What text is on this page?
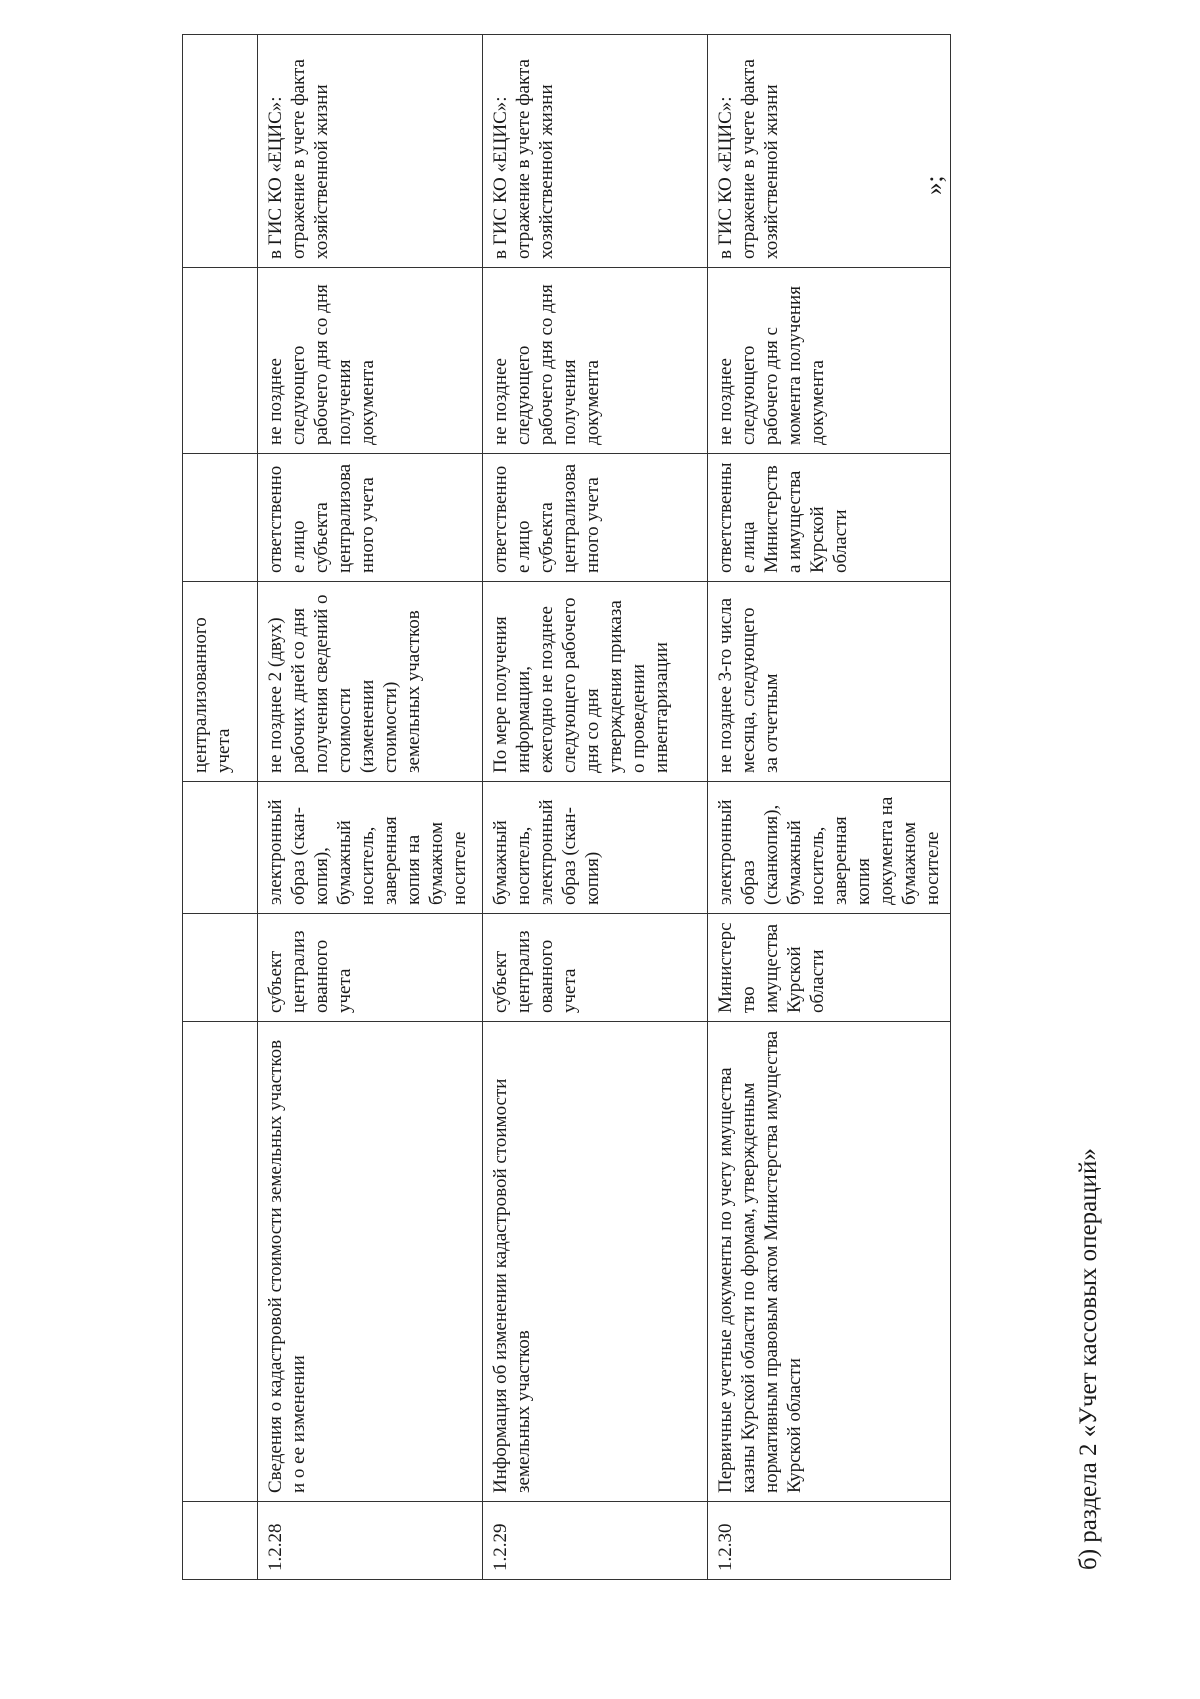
				централизованного учета			
1.2.28	Сведения о кадастровой стоимости земельных участков и о ее изменении	субъект централизованного учета	электронный образ (скан-копия), бумажный носитель, заверенная копия на бумажном носителе	не позднее 2 (двух) рабочих дней со дня получения сведений о стоимости (изменении стоимости) земельных участков	ответственное лицо субъекта централизованного учета	не позднее следующего рабочего дня со дня получения документа	в ГИС КО «ЕЦИС»: отражение в учете факта хозяйственной жизни
1.2.29	Информация об изменении кадастровой стоимости земельных участков	субъект централизованного учета	бумажный носитель, электронный образ (скан-копия)	По мере получения информации, ежегодно не позднее следующего рабочего дня со дня утверждения приказа о проведении инвентаризации	ответственное лицо субъекта централизованного учета	не позднее следующего рабочего дня со дня получения документа	в ГИС КО «ЕЦИС»: отражение в учете факта хозяйственной жизни
1.2.30	Первичные учетные документы по учету имущества казны Курской области по формам, утвержденным нормативным правовым актом Министерства имущества Курской области	Министерство имущества Курской области	электронный образ (сканкопия), бумажный носитель, заверенная копия документа на бумажном носителе	не позднее 3-го числа месяца, следующего за отчетным	ответственные лица Министерства имущества Курской области	не позднее следующего рабочего дня с момента получения документа	в ГИС КО «ЕЦИС»: отражение в учете факта хозяйственной жизни	»;
б) раздела 2 «Учет кассовых операций»
